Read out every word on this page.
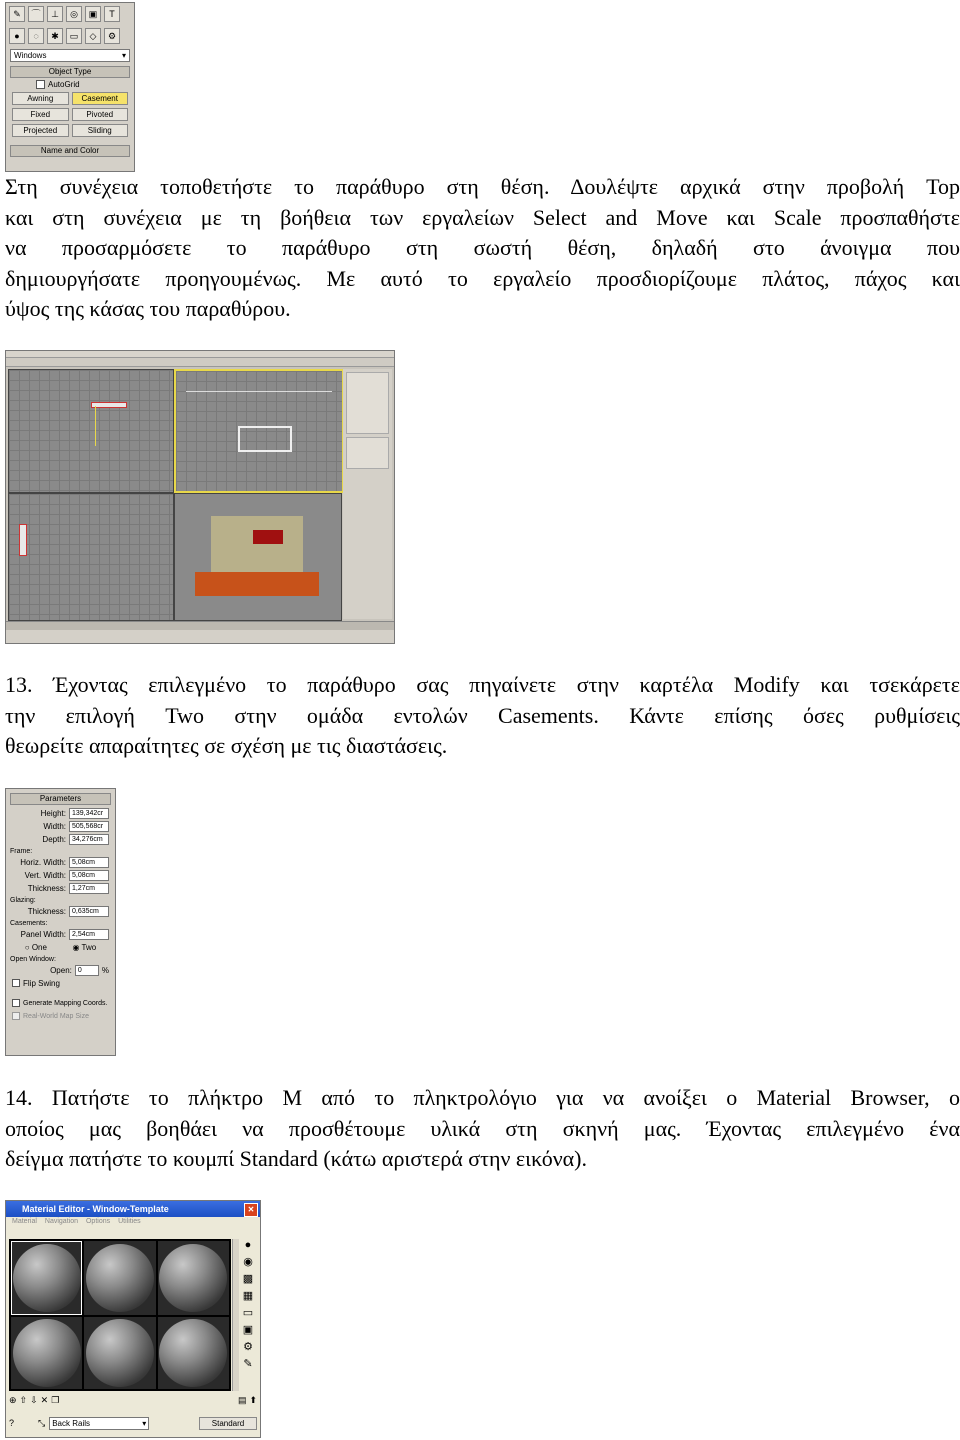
✎	⌒	⊥	◎	▣	T
●	◌	✱	▭	◇	⚙
Windows	▾
Object Type
AutoGrid
Awning	Casement
Fixed	Pivoted
Projected	Sliding
Name and Color

Στη συνέχεια τοποθετήστε το παράθυρο στη θέση. Δουλέψτε αρχικά στην προβολή Top
και στη συνέχεια με τη βοήθεια των εργαλείων Select and Move και Scale προσπαθήστε
να προσαρμόσετε το παράθυρο στη σωστή θέση, δηλαδή στο άνοιγμα που
δημιουργήσατε προηγουμένως. Με αυτό το εργαλείο προσδιορίζουμε πλάτος, πάχος και
ύψος της κάσας του παραθύρου.

13. Έχοντας επιλεγμένο το παράθυρο σας πηγαίνετε στην καρτέλα Modify και τσεκάρετε
την επιλογή Two στην ομάδα εντολών Casements. Κάντε επίσης όσες ρυθμίσεις
θεωρείτε απαραίτητες σε σχέση με τις διαστάσεις.

Parameters
Height: 139,342cr
Width: 505,568cr
Depth: 34,276cm
Frame:
Horiz. Width: 5,08cm
Vert. Width: 5,08cm
Thickness: 1,27cm
Glazing:
Thickness: 0,635cm
Casements:
Panel Width: 2,54cm
○ One	◉ Two
Open Window:
Open: 0	%
Flip Swing
Generate Mapping Coords.
Real-World Map Size

14. Πατήστε το πλήκτρο M από το πληκτρολόγιο για να ανοίξει ο Material Browser, ο
οποίος μας βοηθάει να προσθέτουμε υλικά στη σκηνή μας. Έχοντας επιλεγμένο ένα
δείγμα πατήστε το κουμπί Standard (κάτω αριστερά στην εικόνα).

Material Editor - Window-Template	✕
Material Navigation Options Utilities
●
◉
▩
▦
▭
▣
⚙
✎
⊕ ⇧ ⇩ ✕ ❐	▤ ⬆
?	⤡ Back Rails	▾	Standard
